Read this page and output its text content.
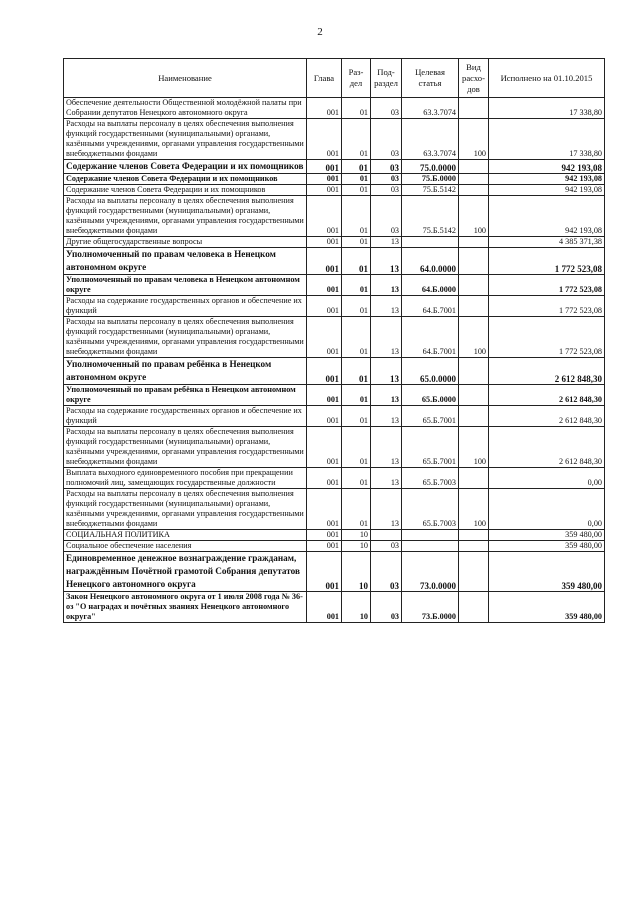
2
Наименование	Глава	Раз-дел	Под-раздел	Целевая статья	Вид расхо-дов	Исполнено на 01.10.2015
Обеспечение деятельности Общественной молодёжной палаты при Собрании депутатов Ненецкого автономного округа	001	01	03	63.3.7074		17 338,80
Расходы на выплаты персоналу в целях обеспечения выполнения функций государственными (муниципальными) органами, казёнными учреждениями, органами управления государственными внебюджетными фондами	001	01	03	63.3.7074	100	17 338,80
Содержание членов Совета Федерации и их помощников	001	01	03	75.0.0000		942 193,08
Содержание членов Совета Федерации и их помощников	001	01	03	75.Б.0000		942 193,08
Содержание членов Совета Федерации и их помощников	001	01	03	75.Б.5142		942 193,08
Расходы на выплаты персоналу в целях обеспечения выполнения функций государственными (муниципальными) органами, казёнными учреждениями, органами управления государственными внебюджетными фондами	001	01	03	75.Б.5142	100	942 193,08
Другие общегосударственные вопросы	001	01	13			4 385 371,38
Уполномоченный по правам человека в Ненецком автономном округе	001	01	13	64.0.0000		1 772 523,08
Уполномоченный по правам человека в Ненецком автономном округе	001	01	13	64.Б.0000		1 772 523,08
Расходы на содержание государственных органов и обеспечение их функций	001	01	13	64.Б.7001		1 772 523,08
Расходы на выплаты персоналу в целях обеспечения выполнения функций государственными (муниципальными) органами, казёнными учреждениями, органами управления государственными внебюджетными фондами	001	01	13	64.Б.7001	100	1 772 523,08
Уполномоченный по правам ребёнка в Ненецком автономном округе	001	01	13	65.0.0000		2 612 848,30
Уполномоченный по правам ребёнка в Ненецком автономном округе	001	01	13	65.Б.0000		2 612 848,30
Расходы на содержание государственных органов и обеспечение их функций	001	01	13	65.Б.7001		2 612 848,30
Расходы на выплаты персоналу в целях обеспечения выполнения функций государственными (муниципальными) органами, казёнными учреждениями, органами управления государственными внебюджетными фондами	001	01	13	65.Б.7001	100	2 612 848,30
Выплата выходного единовременного пособия при прекращении полномочий лиц, замещающих государственные должности	001	01	13	65.Б.7003		0,00
Расходы на выплаты персоналу в целях обеспечения выполнения функций государственными (муниципальными) органами, казёнными учреждениями, органами управления государственными внебюджетными фондами	001	01	13	65.Б.7003	100	0,00
СОЦИАЛЬНАЯ ПОЛИТИКА	001	10				359 480,00
Социальное обеспечение населения	001	10	03			359 480,00
Единовременное денежное вознаграждение гражданам, награждённым Почётной грамотой Собрания депутатов Ненецкого автономного округа	001	10	03	73.0.0000		359 480,00
Закон Ненецкого автономного округа от 1 июля 2008 года № 36-оз "О наградах и почётных званиях Ненецкого автономного округа"	001	10	03	73.Б.0000		359 480,00
